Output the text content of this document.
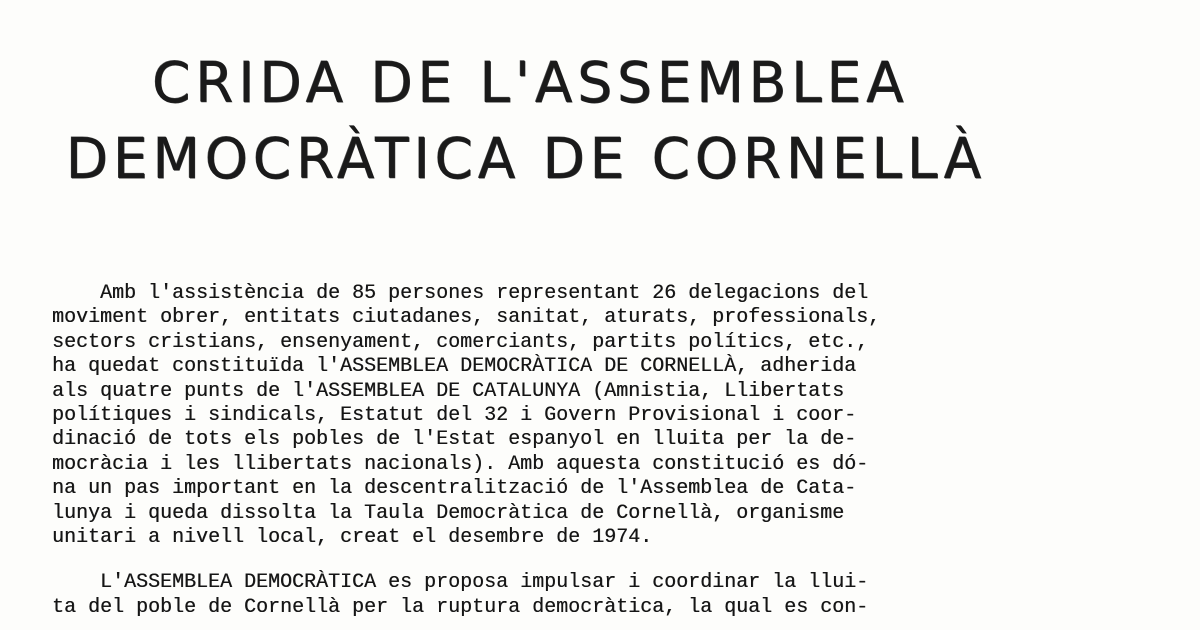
CRIDA DE L'ASSEMBLEA
DEMOCRÀTICA DE CORNELLÀ

Amb l'assistència de 85 persones representant 26 delegacions del
moviment obrer, entitats ciutadanes, sanitat, aturats, professionals,
sectors cristians, ensenyament, comerciants, partits polítics, etc.,
ha quedat constituïda l'ASSEMBLEA DEMOCRÀTICA DE CORNELLÀ, adherida
als quatre punts de l'ASSEMBLEA DE CATALUNYA (Amnistia, Llibertats
polítiques i sindicals, Estatut del 32 i Govern Provisional i coor-
dinació de tots els pobles de l'Estat espanyol en lluita per la de-
mocràcia i les llibertats nacionals). Amb aquesta constitució es dó-
na un pas important en la descentralització de l'Assemblea de Cata-
lunya i queda dissolta la Taula Democràtica de Cornellà, organisme
unitari a nivell local, creat el desembre de 1974.

L'ASSEMBLEA DEMOCRÀTICA es proposa impulsar i coordinar la llui-
ta del poble de Cornellà per la ruptura democràtica, la qual es con-
